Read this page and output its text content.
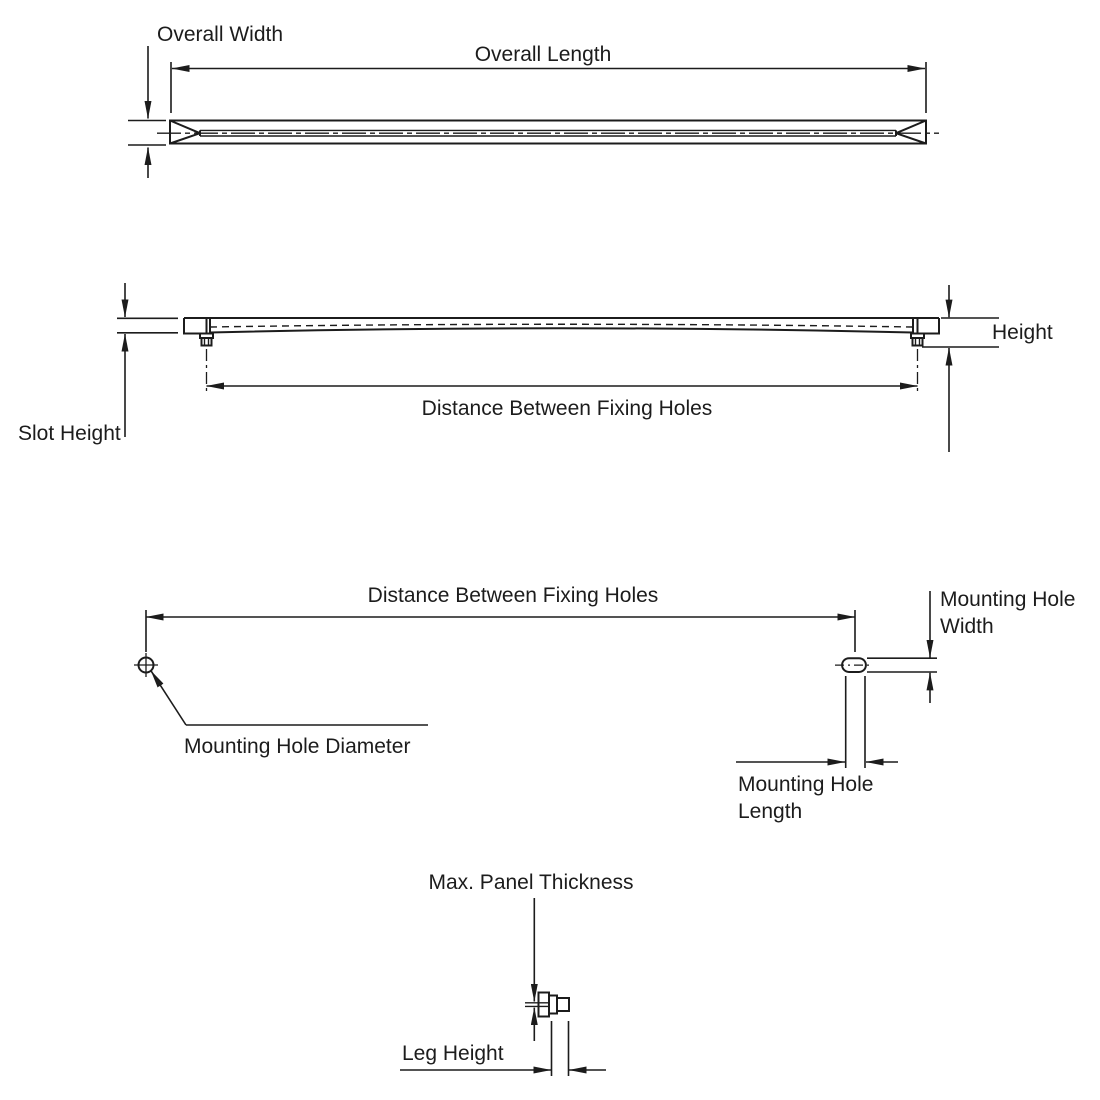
Overall Length
Overall Width
Slot Height
Height
Distance Between Fixing Holes
Distance Between Fixing Holes
Mounting Hole Diameter
Mounting Hole
Width
Mounting Hole
Length
Max. Panel Thickness
Leg Height
